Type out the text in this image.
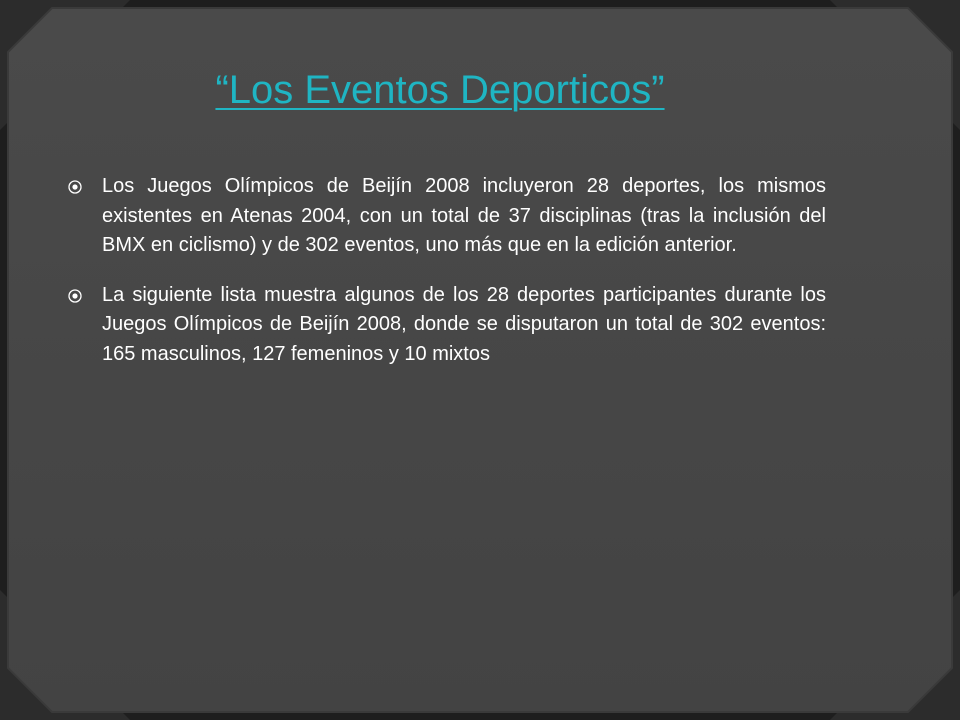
“Los Eventos Deporticos”
Los Juegos Olímpicos de Beijín 2008 incluyeron 28 deportes, los mismos existentes en Atenas 2004, con un total de 37 disciplinas (tras la inclusión del BMX en ciclismo) y de 302 eventos, uno más que en la edición anterior.
La siguiente lista muestra algunos de los 28 deportes participantes durante los Juegos Olímpicos de Beijín 2008, donde se disputaron un total de 302 eventos: 165 masculinos, 127 femeninos y 10 mixtos
